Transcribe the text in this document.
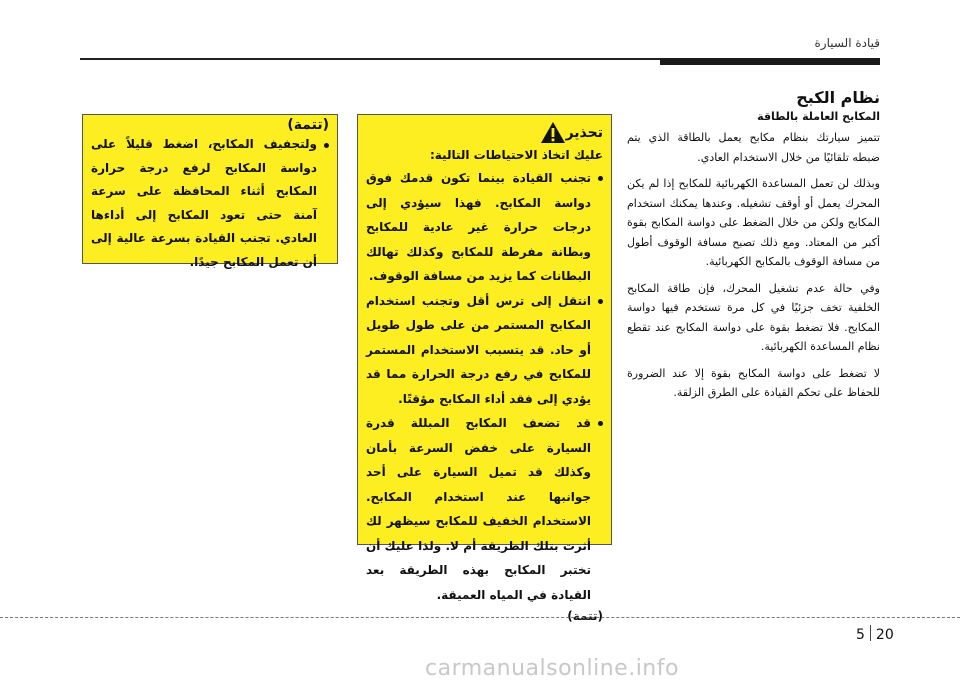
قيادة السيارة
نظام الكبح
المكابح العاملة بالطاقة

تتميز سيارتك بنظام مكابح يعمل بالطاقة الذي يتم ضبطه تلقائيًا من خلال الاستخدام العادي.

وبذلك لن تعمل المساعدة الكهربائية للمكابح إذا لم يكن المحرك يعمل أو أوقف تشغيله. وعندها يمكنك استخدام المكابح ولكن من خلال الضغط على دواسة المكابح بقوة أكبر من المعتاد. ومع ذلك تصبح مسافة الوقوف أطول من مسافة الوقوف بالمكابح الكهربائية.

وفي حالة عدم تشغيل المحرك، فإن طاقة المكابح الخلفية تخف جزئيًا في كل مرة تستخدم فيها دواسة المكابح. فلا تضغط بقوة على دواسة المكابح عند تقطع نظام المساعدة الكهربائية.

لا تضغط على دواسة المكابح بقوة إلا عند الضرورة للحفاظ على تحكم القيادة على الطرق الزلقة.

تحذير
عليك اتخاذ الاحتياطات التالية:
تجنب القيادة بينما تكون قدمك فوق دواسة المكابح. فهذا سيؤدي إلى درجات حرارة غير عادية للمكابح وبطانة مفرطة للمكابح وكذلك تهالك البطانات كما يزيد من مسافة الوقوف.
انتقل إلى ترس أقل وتجنب استخدام المكابح المستمر من على طول طويل أو حاد. قد يتسبب الاستخدام المستمر للمكابح في رفع درجة الحرارة مما قد يؤدي إلى فقد أداء المكابح مؤقتًا.
قد تضعف المكابح المبللة قدرة السيارة على خفض السرعة بأمان وكذلك قد تميل السيارة على أحد جوانبها عند استخدام المكابح. الاستخدام الخفيف للمكابح سيظهر لك أثرت بتلك الطريقة أم لا. ولذا عليك أن تختبر المكابح بهذه الطريقة بعد القيادة في المياه العميقة.
(تتمة)
(تتمة)
ولتجفيف المكابح، اضغط قليلاً على دواسة المكابح لرفع درجة حرارة المكابح أثناء المحافظة على سرعة آمنة حتى تعود المكابح إلى أداءها العادي. تجنب القيادة بسرعة عالية إلى أن تعمل المكابح جيدًا.
5 20
carmanualsonline.info
